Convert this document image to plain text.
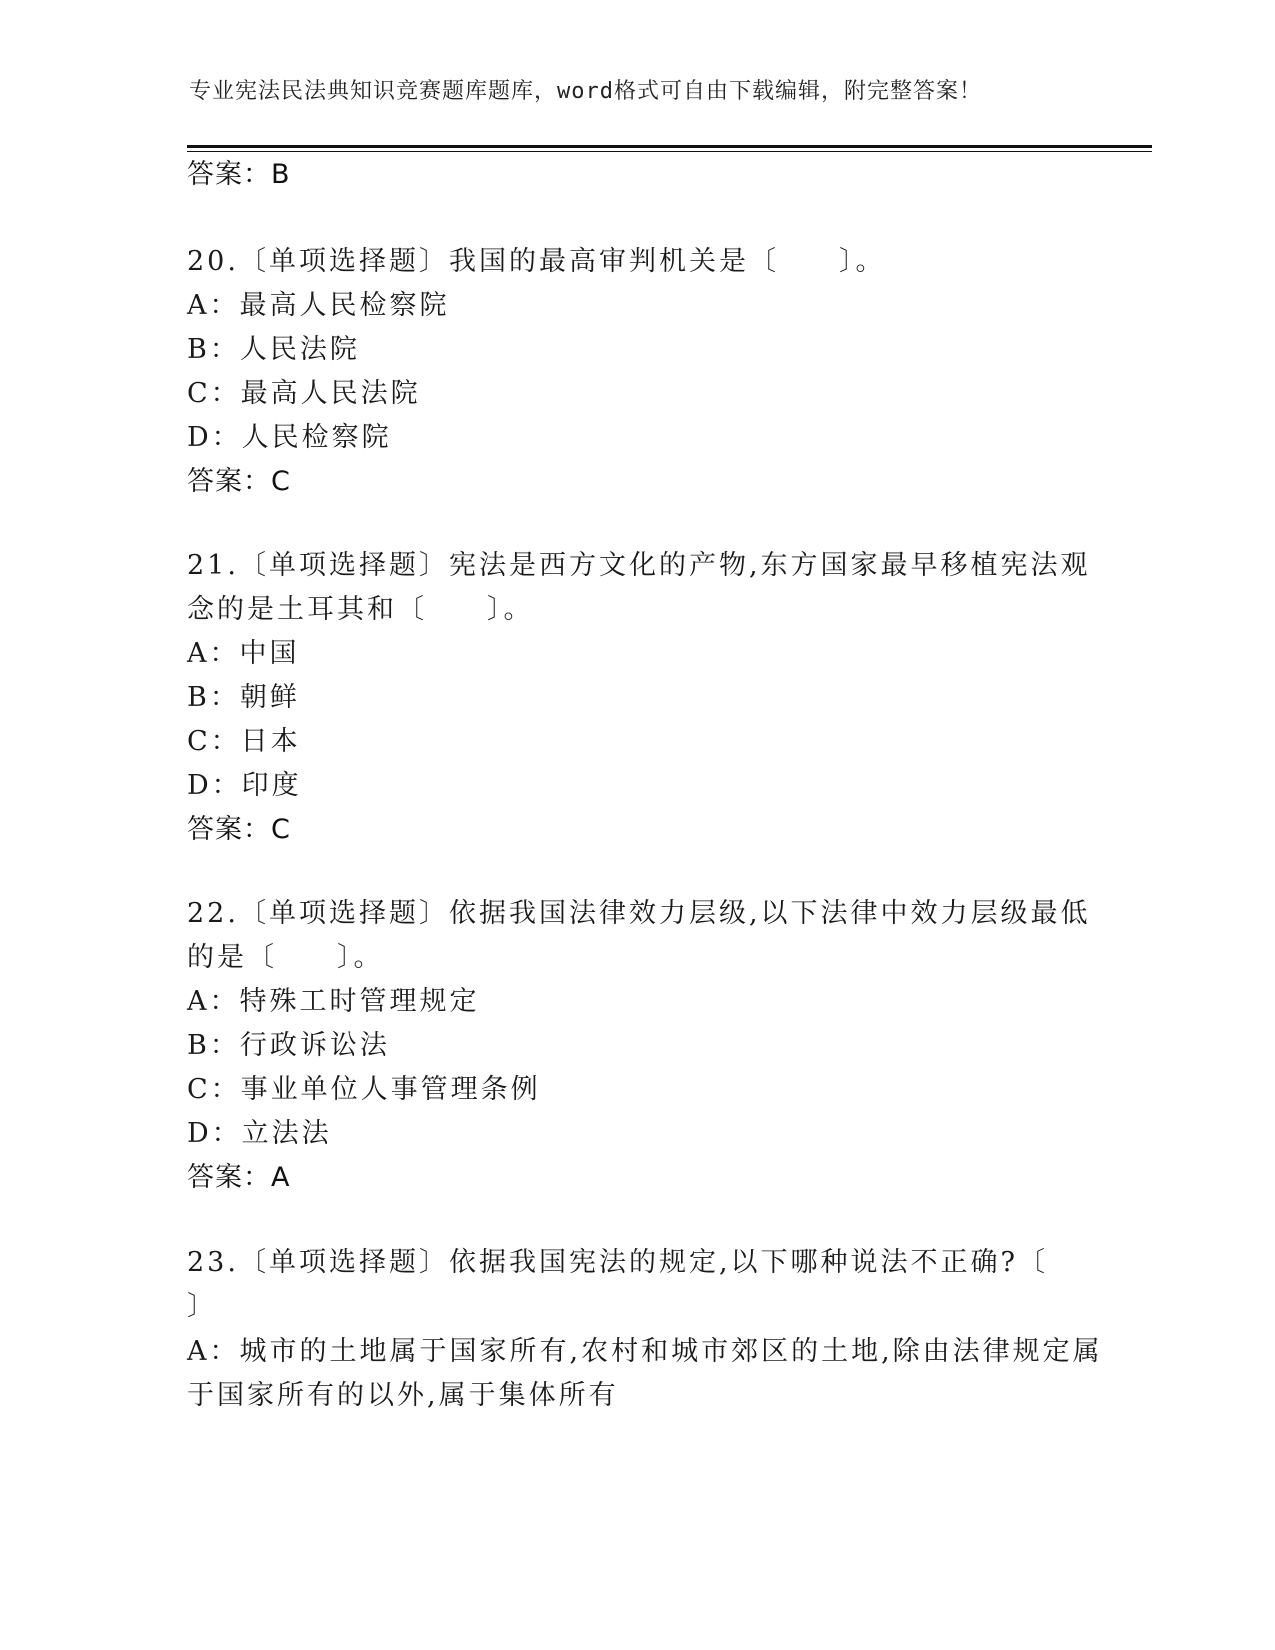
专业宪法民法典知识竞赛题库题库，word格式可自由下载编辑，附完整答案！
答案：B
20.〔单项选择题〕我国的最高审判机关是〔　　〕。
A：最高人民检察院
B：人民法院
C：最高人民法院
D：人民检察院
答案：C
21.〔单项选择题〕宪法是西方文化的产物,东方国家最早移植宪法观
念的是土耳其和〔　　〕。
A：中国
B：朝鲜
C：日本
D：印度
答案：C
22.〔单项选择题〕依据我国法律效力层级,以下法律中效力层级最低
的是〔　　〕。
A：特殊工时管理规定
B：行政诉讼法
C：事业单位人事管理条例
D：立法法
答案：A
23.〔单项选择题〕依据我国宪法的规定,以下哪种说法不正确?〔
〕
A：城市的土地属于国家所有,农村和城市郊区的土地,除由法律规定属
于国家所有的以外,属于集体所有
